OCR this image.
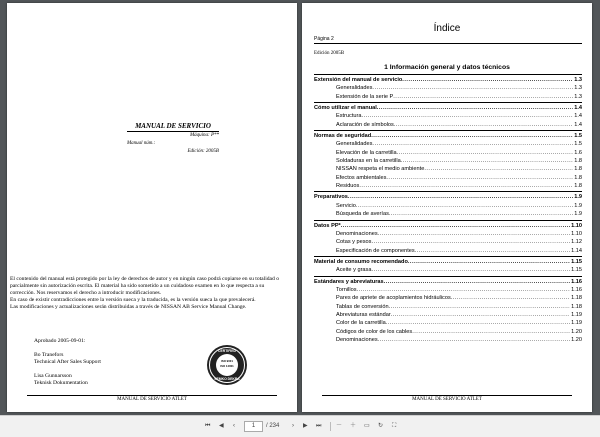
MANUAL DE SERVICIO
Máquina: P**
Manual núm.:
Edición: 2005B

El contenido del manual está protegido por la ley de derechos de autor y en ningún caso podrá copiarse en su totalidad o parcialmente sin autorización escrita. El material ha sido sometido a un cuidadoso examen en lo que respecta a su corrección. Nos reservamos el derecho a introducir modificaciones.

En caso de existir contradicciones entre la versión sueca y la traducida, es la versión sueca la que prevalecerá.

Las modificaciones y actualizaciones serán distribuidas a través de NISSAN AB Service Manual Change.

Aprobado 2005-09-01:

Bo Tranefors

Technical After Sales Support

Lisa Gunnarsson

Teknisk Dokumentation

CERTIFIED
ISO 9001
ISO 14001
SEMKO DEKRA
MANUAL DE SERVICIO ATLET
Índice
Página 2
Edición 2005B
1 Información general y datos técnicos
Extensión del manual de servicio .....	1.3
Generalidades .....	1.3
Extensión de la serie P .....	1.3
Cómo utilizar el manual .....	1.4
Estructura .....	1.4
Aclaración de símbolos .....	1.4
Normas de seguridad .....	1.5
Generalidades .....	1.5
Elevación de la carretilla .....	1.6
Soldaduras en la carretilla .....	1.8
NISSAN respeta el medio ambiente .....	1.8
Efectos ambientales .....	1.8
Residuos .....	1.8
Preparativos .....	1.9
Servicio .....	1.9
Búsqueda de averías .....	1.9
Datos PP* .....	1.10
Denominaciones .....	1.10
Cotas y pesos .....	1.12
Especificación de componentes .....	1.14
Material de consumo recomendado .....	1.15
Aceite y grasa .....	1.15
Estándares y abreviaturas .....	1.16
Tornillos .....	1.16
Pares de apriete de acoplamientos hidráulicos .....	1.18
Tablas de conversión .....	1.18
Abreviaturas estándar .....	1.19
Color de la carretilla .....	1.19
Códigos de color de los cables .....	1.20
Denominaciones .....	1.20
MANUAL DE SERVICIO ATLET
⏮ ◀ ‹	1	/ 234 › ▶ ⏭ － ＋ ▭ ↻ ⛶
